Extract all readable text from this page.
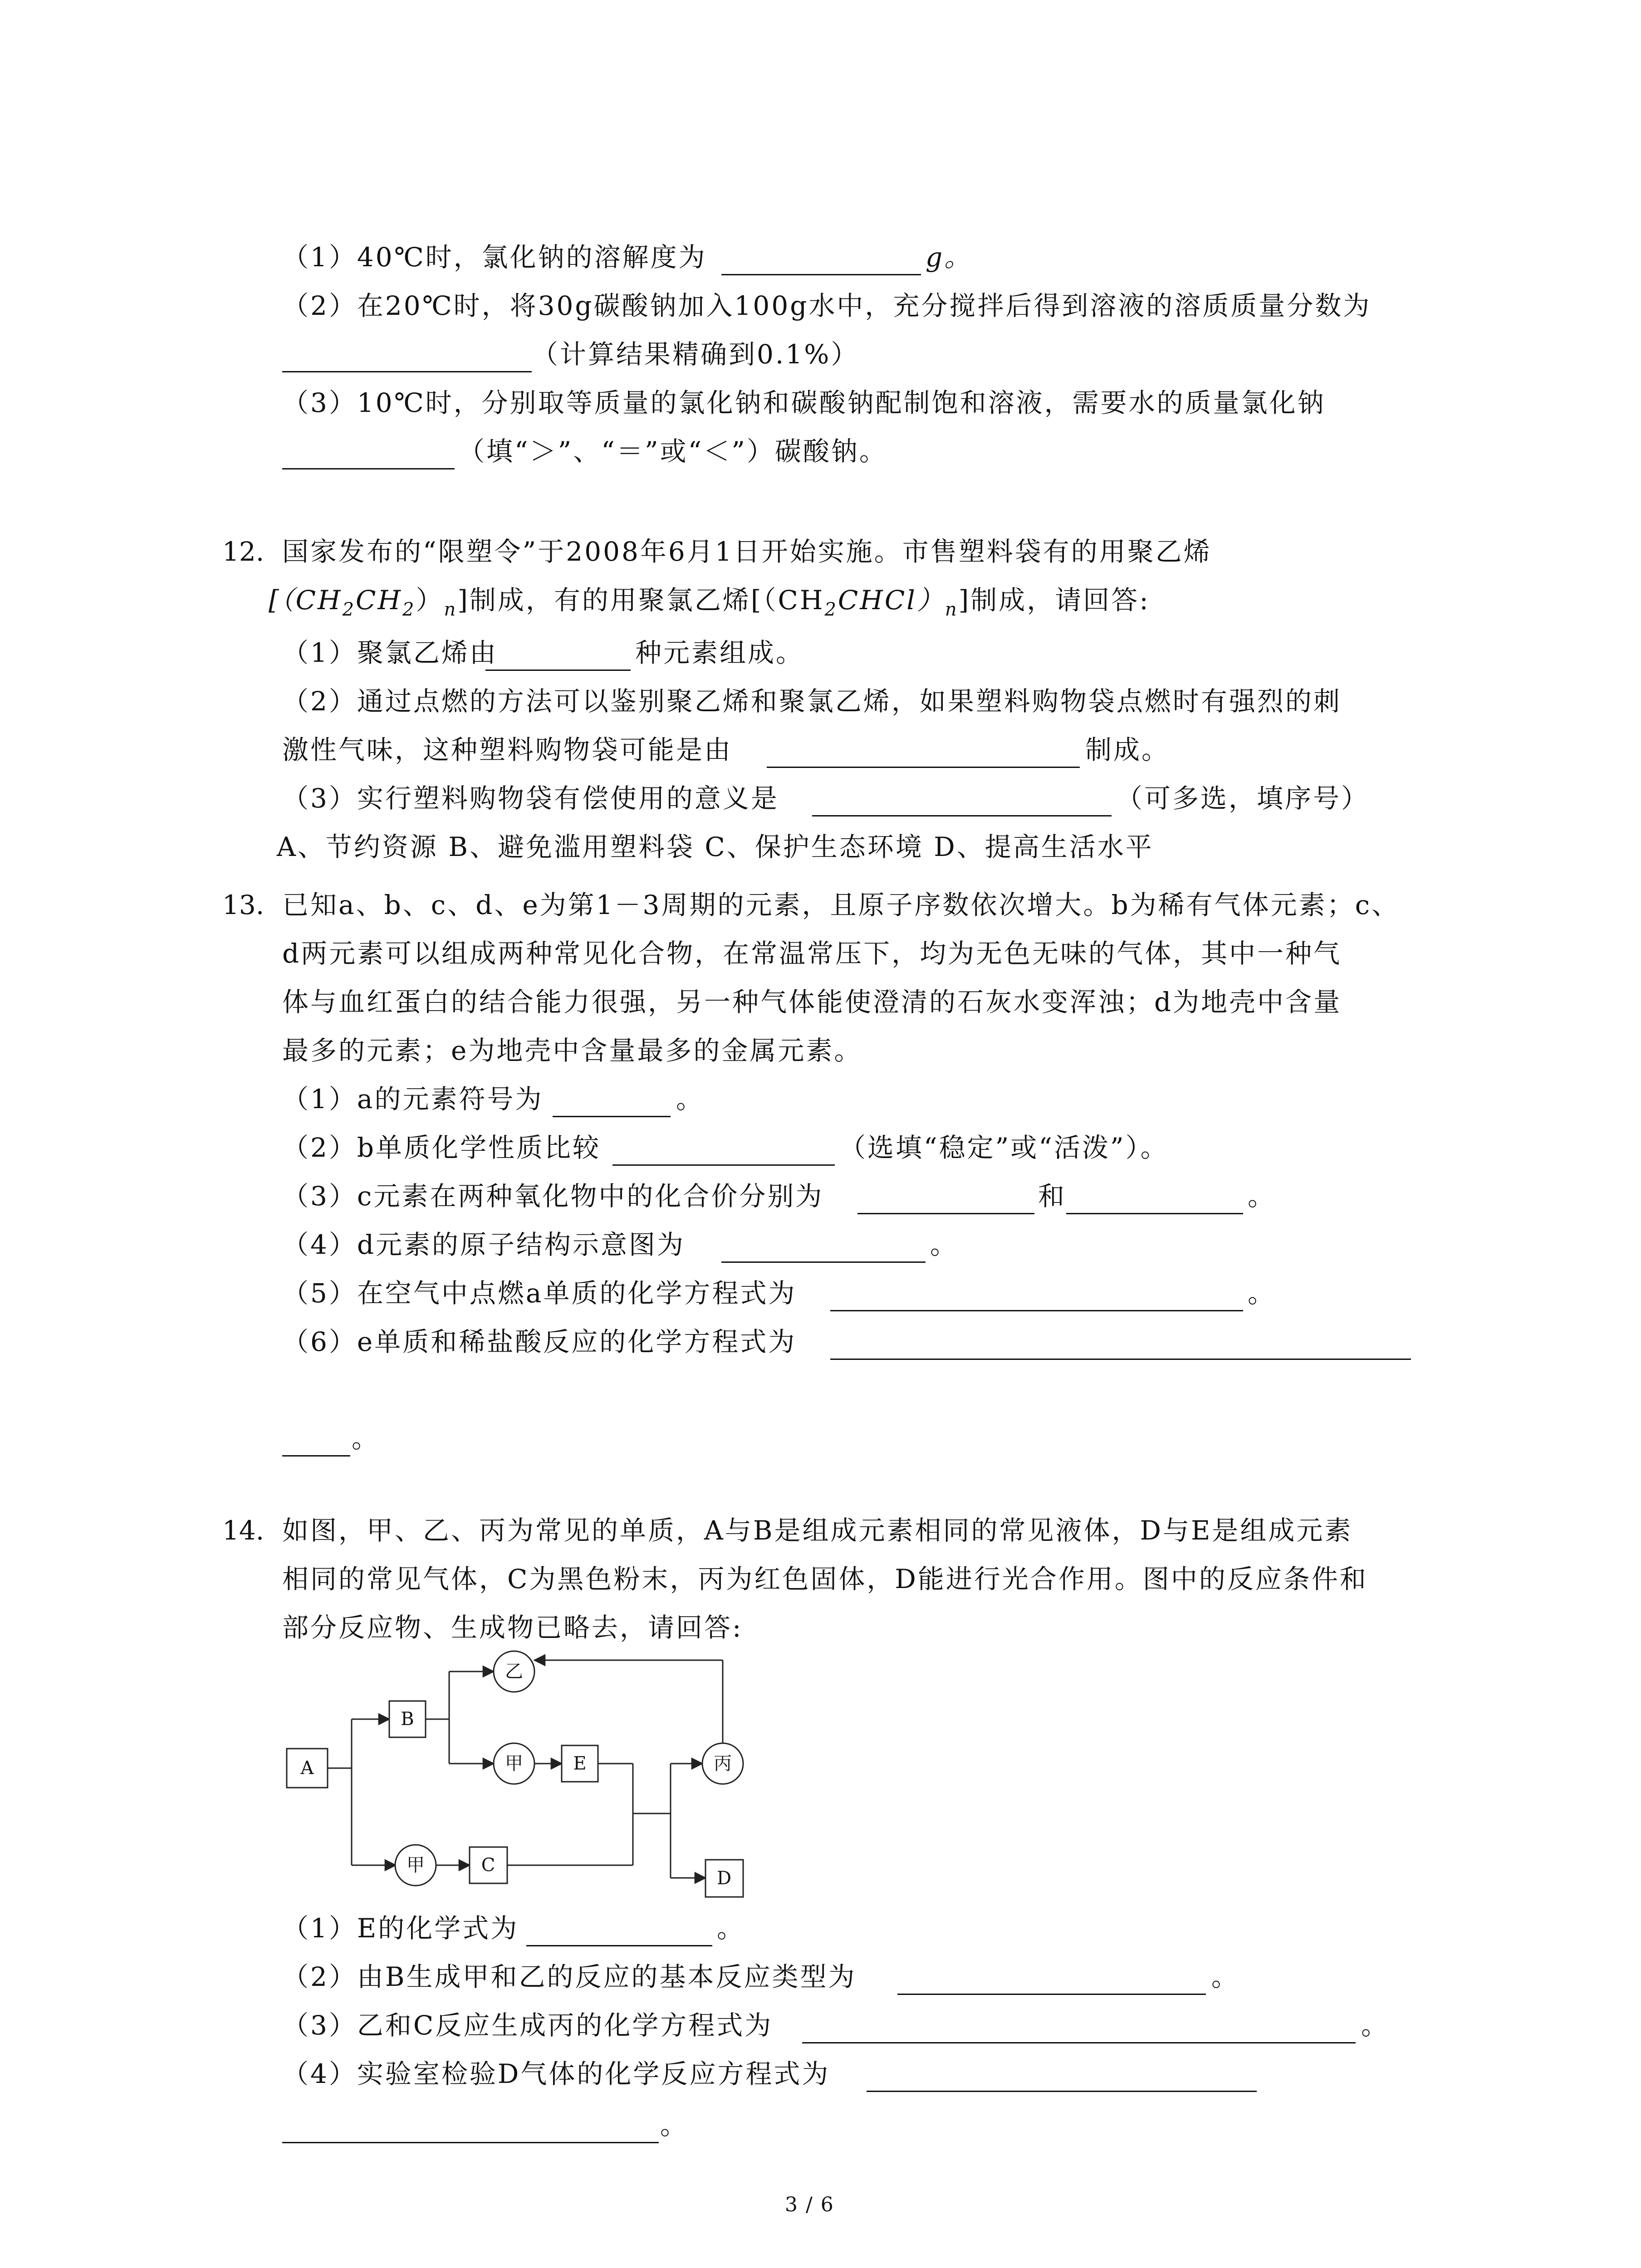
（1）40℃时，氯化钠的溶解度为	g。
（2）在20℃时，将30g碳酸钠加入100g水中，充分搅拌后得到溶液的溶质质量分数为
（计算结果精确到0.1%）
（3）10℃时，分别取等质量的氯化钠和碳酸钠配制饱和溶液，需要水的质量氯化钠
（填“＞”、“＝”或“＜”）碳酸钠。
12. 国家发布的“限塑令”于2008年6月1日开始实施。市售塑料袋有的用聚乙烯
$[(CH_2CH_2)_n]$制成，有的用聚氯乙烯$[(CH_2CHCl)_n]$制成，请回答:
（1）聚氯乙烯由	种元素组成。
（2）通过点燃的方法可以鉴别聚乙烯和聚氯乙烯，如果塑料购物袋点燃时有强烈的刺
激性气味，这种塑料购物袋可能是由	制成。
（3）实行塑料购物袋有偿使用的意义是	（可多选，填序号）
A、节约资源 B、避免滥用塑料袋 C、保护生态环境 D、提高生活水平
13. 已知a、b、c、d、e为第1－3周期的元素，且原子序数依次增大。b为稀有气体元素；c、
d两元素可以组成两种常见化合物，在常温常压下，均为无色无味的气体，其中一种气
体与血红蛋白的结合能力很强，另一种气体能使澄清的石灰水变浑浊；d为地壳中含量
最多的元素；e为地壳中含量最多的金属元素。
（1）a的元素符号为	。
（2）b单质化学性质比较	（选填“稳定”或“活泼”）。
（3）c元素在两种氧化物中的化合价分别为	和	。
（4）d元素的原子结构示意图为	。
（5）在空气中点燃a单质的化学方程式为	。
（6）e单质和稀盐酸反应的化学方程式为
。
14. 如图，甲、乙、丙为常见的单质，A与B是组成元素相同的常见液体，D与E是组成元素
相同的常见气体，C为黑色粉末，丙为红色固体，D能进行光合作用。图中的反应条件和
部分反应物、生成物已略去，请回答:
A
B
E
C
D
乙
甲
甲
丙
（1）E的化学式为	。
（2）由B生成甲和乙的反应的基本反应类型为	。
（3）乙和C反应生成丙的化学方程式为	。
（4）实验室检验D气体的化学反应方程式为
。
3 / 6
